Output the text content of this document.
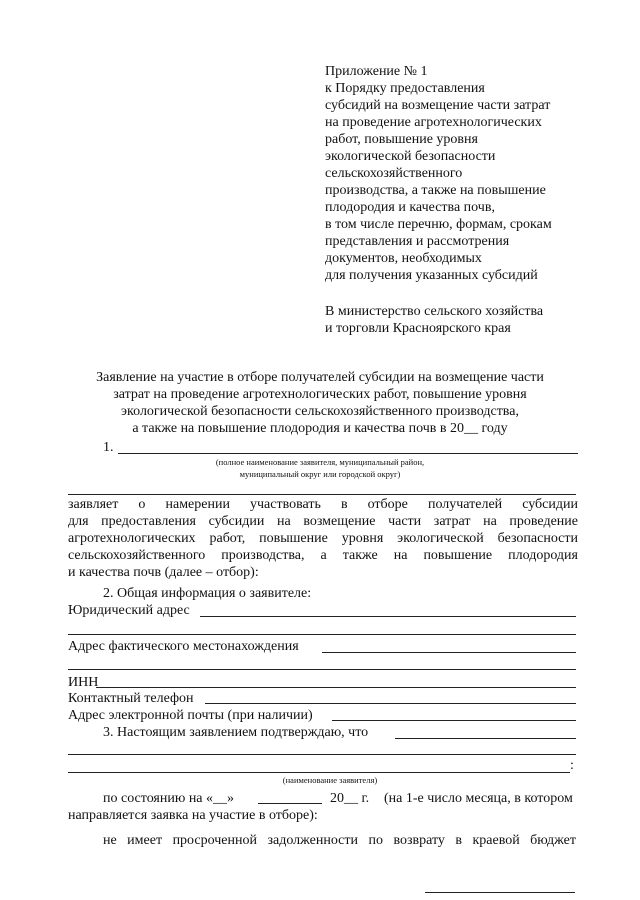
Приложение № 1
к Порядку предоставления
субсидий на возмещение части затрат
на проведение агротехнологических
работ, повышение уровня
экологической безопасности
сельскохозяйственного
производства, а также на повышение
плодородия и качества почв,
в том числе перечню, формам, срокам
представления и рассмотрения
документов, необходимых
для получения указанных субсидий
В министерство сельского хозяйства
и торговли Красноярского края
Заявление на участие в отборе получателей субсидии на возмещение части
затрат на проведение агротехнологических работ, повышение уровня
экологической безопасности сельскохозяйственного производства,
а также на повышение плодородия и качества почв в 20__ году
1.
(полное наименование заявителя, муниципальный район,
муниципальный округ или городской округ)
заявляет о намерении участвовать в отборе получателей субсидии
для предоставления субсидии на возмещение части затрат на проведение
агротехнологических работ, повышение уровня экологической безопасности
сельскохозяйственного производства, а также на повышение плодородия
и качества почв (далее – отбор):
2. Общая информация о заявителе:
Юридический адрес
Адрес фактического местонахождения
ИНН
Контактный телефон
Адрес электронной почты (при наличии)
3. Настоящим заявлением подтверждаю, что
:
(наименование заявителя)
по состоянию на «__»	20__ г. (на 1-е число месяца, в котором
направляется заявка на участие в отборе):
не имеет просроченной задолженности по возврату в краевой бюджет
